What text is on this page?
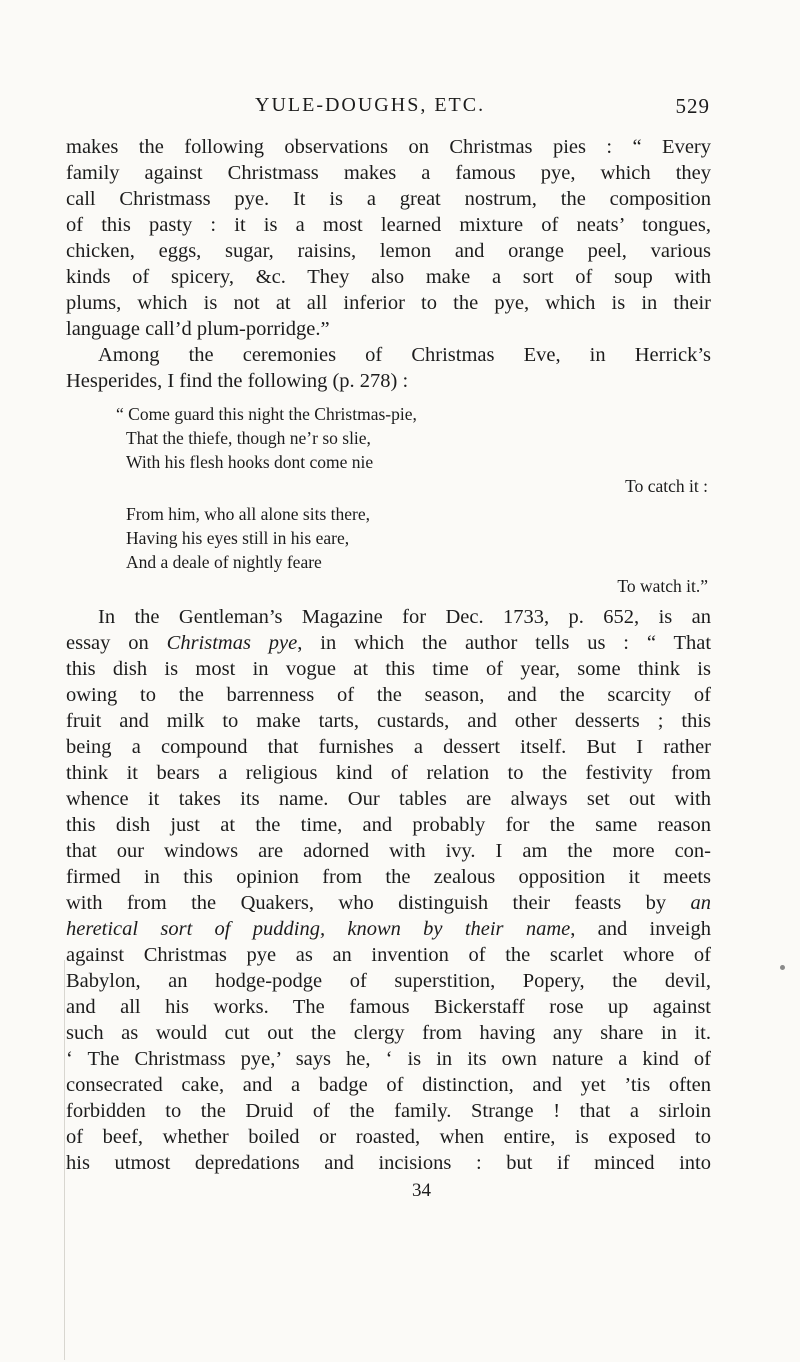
YULE-DOUGHS, ETC.	529
makes the following observations on Christmas pies : “ Every
family against Christmass makes a famous pye, which they
call Christmass pye. It is a great nostrum, the composition
of this pasty : it is a most learned mixture of neats’ tongues,
chicken, eggs, sugar, raisins, lemon and orange peel, various
kinds of spicery, &c. They also make a sort of soup with
plums, which is not at all inferior to the pye, which is in their
language call’d plum-porridge.”
Among the ceremonies of Christmas Eve, in Herrick’s
Hesperides, I find the following (p. 278) :
“ Come guard this night the Christmas-pie,
That the thiefe, though ne’r so slie,
With his flesh hooks dont come nie
To catch it :
From him, who all alone sits there,
Having his eyes still in his eare,
And a deale of nightly feare
To watch it.”
In the Gentleman’s Magazine for Dec. 1733, p. 652, is an
essay on Christmas pye, in which the author tells us : “ That
this dish is most in vogue at this time of year, some think is
owing to the barrenness of the season, and the scarcity of
fruit and milk to make tarts, custards, and other desserts ; this
being a compound that furnishes a dessert itself. But I rather
think it bears a religious kind of relation to the festivity from
whence it takes its name. Our tables are always set out with
this dish just at the time, and probably for the same reason
that our windows are adorned with ivy. I am the more con-
firmed in this opinion from the zealous opposition it meets
with from the Quakers, who distinguish their feasts by an
heretical sort of pudding, known by their name, and inveigh
against Christmas pye as an invention of the scarlet whore of
Babylon, an hodge-podge of superstition, Popery, the devil,
and all his works. The famous Bickerstaff rose up against
such as would cut out the clergy from having any share in it.
‘ The Christmass pye,’ says he, ‘ is in its own nature a kind of
consecrated cake, and a badge of distinction, and yet ’tis often
forbidden to the Druid of the family. Strange ! that a sirloin
of beef, whether boiled or roasted, when entire, is exposed to
his utmost depredations and incisions : but if minced into
34
